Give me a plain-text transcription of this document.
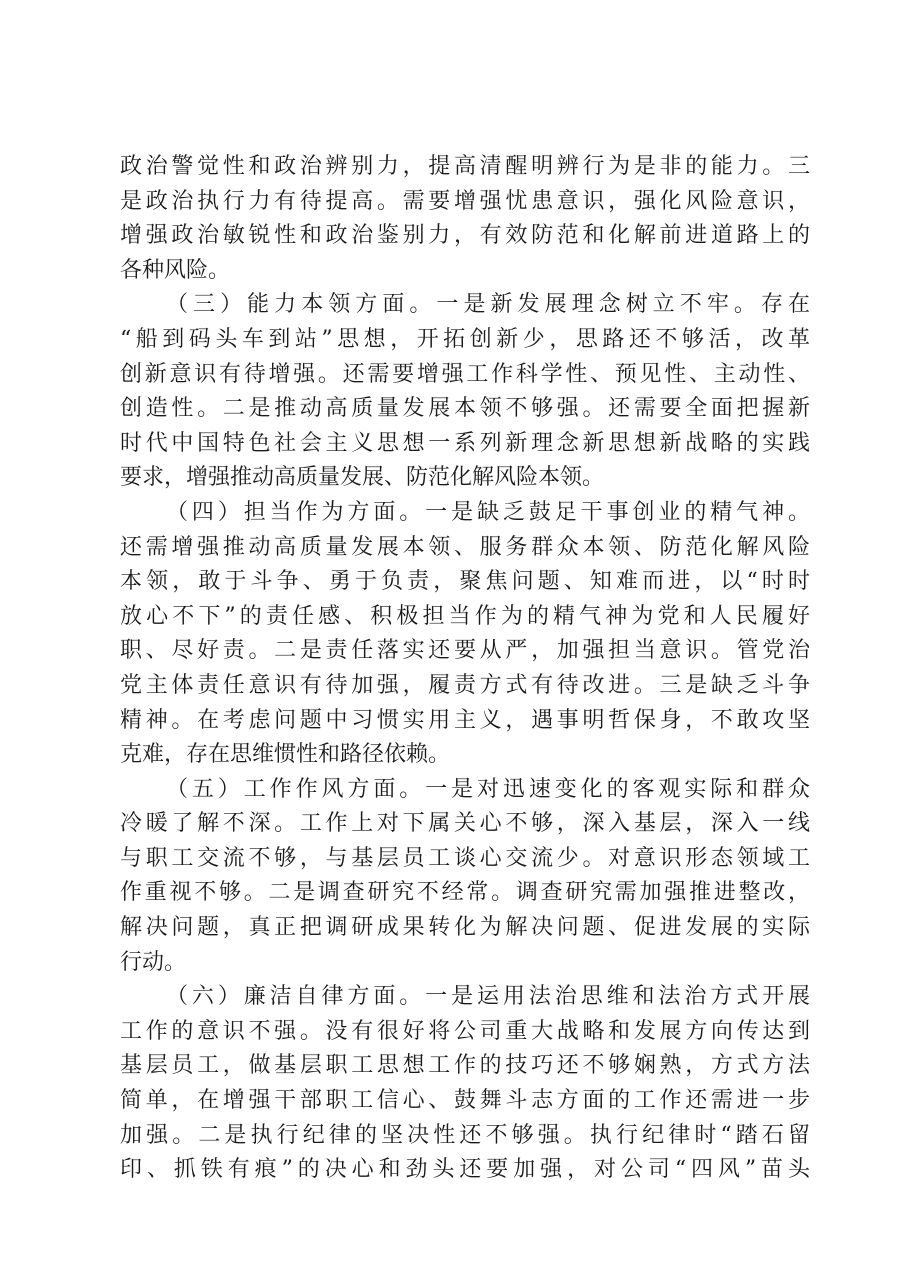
政治警觉性和政治辨别力，提高清醒明辨行为是非的能力。三
是政治执行力有待提高。需要增强忧患意识，强化风险意识，
增强政治敏锐性和政治鉴别力，有效防范和化解前进道路上的
各种风险。
（三）能力本领方面。一是新发展理念树立不牢。存在
“船到码头车到站”思想，开拓创新少，思路还不够活，改革
创新意识有待增强。还需要增强工作科学性、预见性、主动性、
创造性。二是推动高质量发展本领不够强。还需要全面把握新
时代中国特色社会主义思想一系列新理念新思想新战略的实践
要求，增强推动高质量发展、防范化解风险本领。
（四）担当作为方面。一是缺乏鼓足干事创业的精气神。
还需增强推动高质量发展本领、服务群众本领、防范化解风险
本领，敢于斗争、勇于负责，聚焦问题、知难而进，以“时时
放心不下”的责任感、积极担当作为的精气神为党和人民履好
职、尽好责。二是责任落实还要从严，加强担当意识。管党治
党主体责任意识有待加强，履责方式有待改进。三是缺乏斗争
精神。在考虑问题中习惯实用主义，遇事明哲保身，不敢攻坚
克难，存在思维惯性和路径依赖。
（五）工作作风方面。一是对迅速变化的客观实际和群众
冷暖了解不深。工作上对下属关心不够，深入基层，深入一线
与职工交流不够，与基层员工谈心交流少。对意识形态领域工
作重视不够。二是调查研究不经常。调查研究需加强推进整改，
解决问题，真正把调研成果转化为解决问题、促进发展的实际
行动。
（六）廉洁自律方面。一是运用法治思维和法治方式开展
工作的意识不强。没有很好将公司重大战略和发展方向传达到
基层员工，做基层职工思想工作的技巧还不够娴熟，方式方法
简单，在增强干部职工信心、鼓舞斗志方面的工作还需进一步
加强。二是执行纪律的坚决性还不够强。执行纪律时“踏石留
印、抓铁有痕”的决心和劲头还要加强，对公司“四风”苗头
